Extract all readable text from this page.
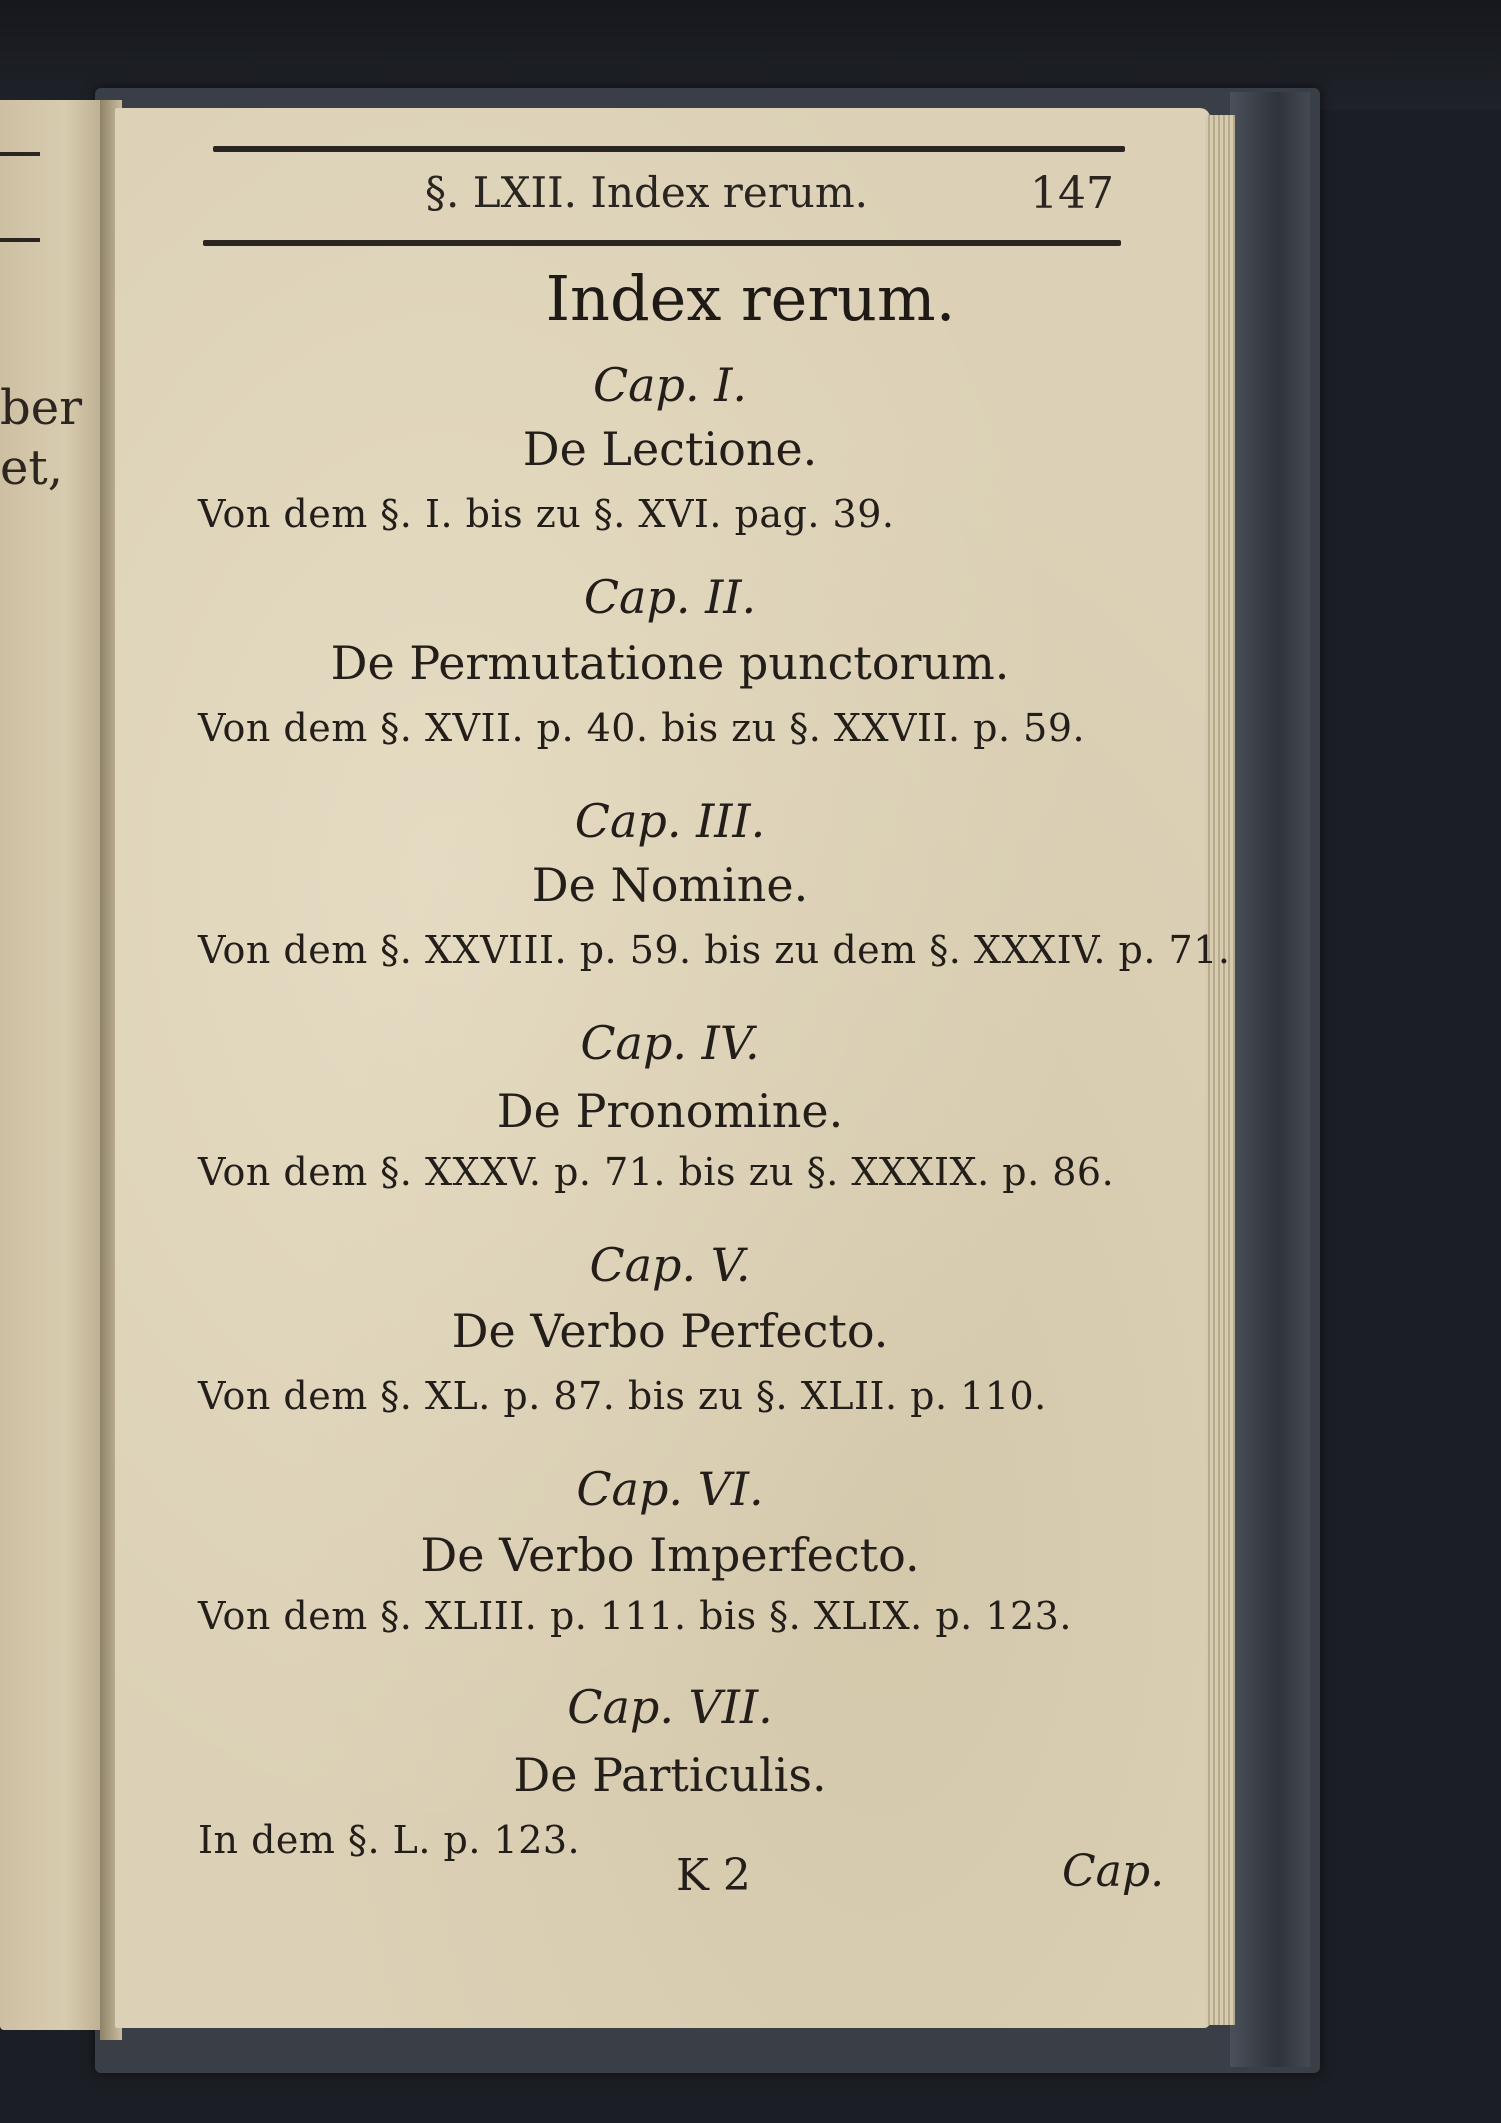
ber
et,
§. LXII. Index rerum.	147
Index rerum.
Cap. I.
De Lectione.
Von dem §. I. bis zu §. XVI. pag. 39.
Cap. II.
De Permutatione punctorum.
Von dem §. XVII. p. 40. bis zu §. XXVII. p. 59.
Cap. III.
De Nomine.
Von dem §. XXVIII. p. 59. bis zu dem §. XXXIV. p. 71.
Cap. IV.
De Pronomine.
Von dem §. XXXV. p. 71. bis zu §. XXXIX. p. 86.
Cap. V.
De Verbo Perfecto.
Von dem §. XL. p. 87. bis zu §. XLII. p. 110.
Cap. VI.
De Verbo Imperfecto.
Von dem §. XLIII. p. 111. bis §. XLIX. p. 123.
Cap. VII.
De Particulis.
In dem §. L. p. 123.
K 2	Cap.
